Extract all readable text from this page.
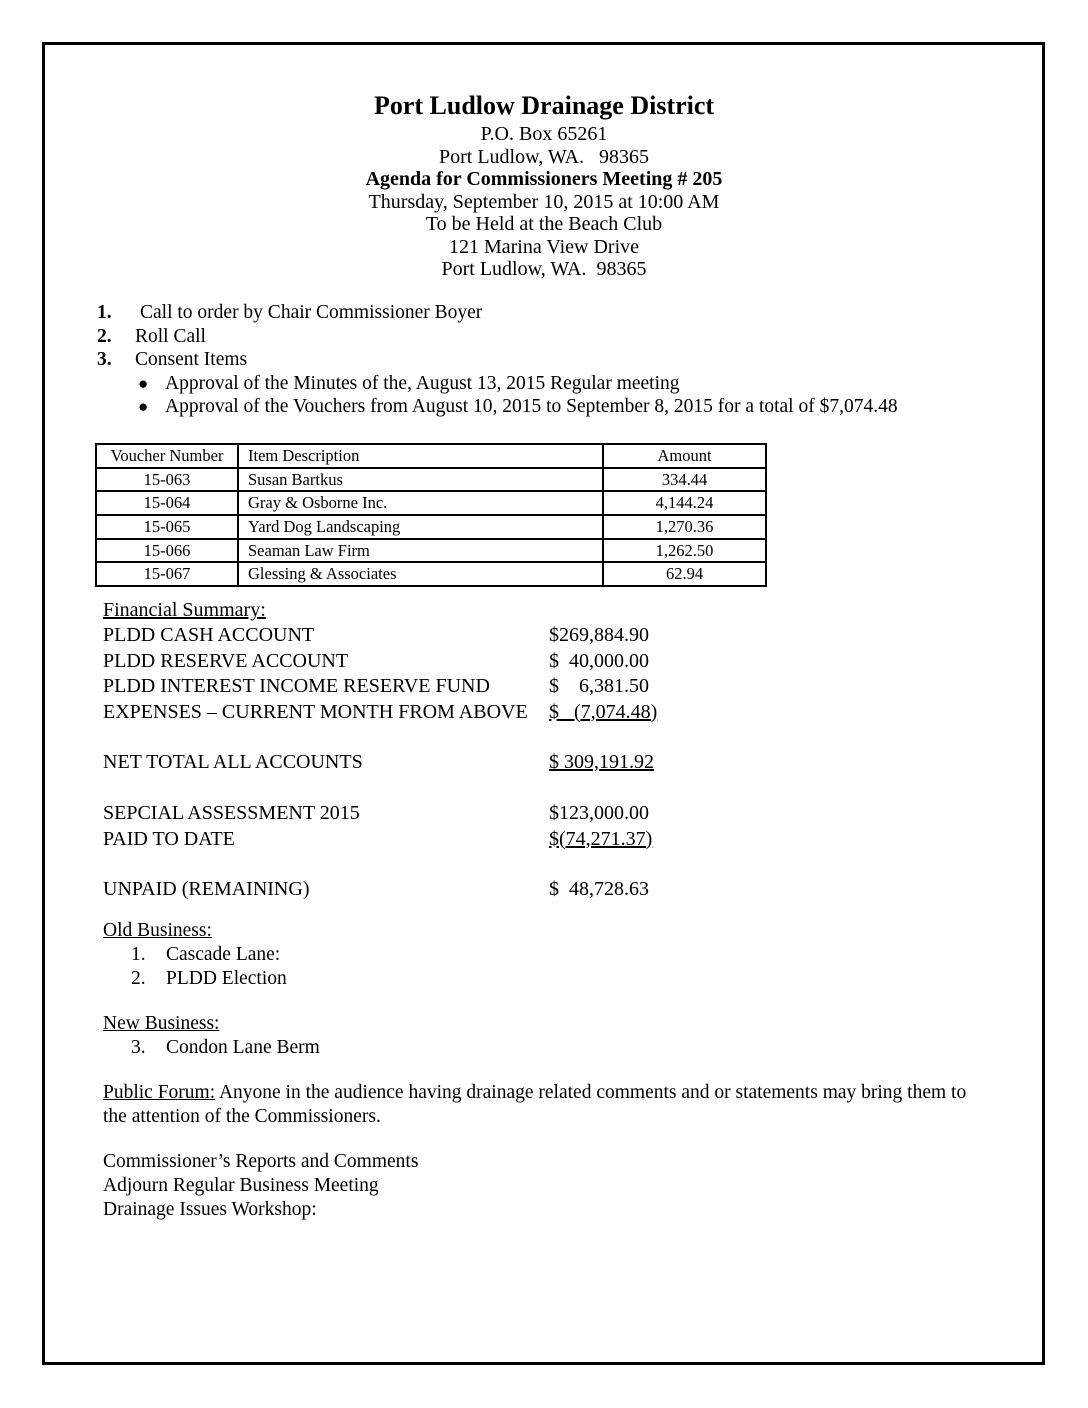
Port Ludlow Drainage District
P.O. Box 65261
Port Ludlow, WA.   98365
Agenda for Commissioners Meeting # 205
Thursday, September 10, 2015 at 10:00 AM
To be Held at the Beach Club
121 Marina View Drive
Port Ludlow, WA.  98365
1.	Call to order by Chair Commissioner Boyer
2.	Roll Call
3.	Consent Items
● Approval of the Minutes of the, August 13, 2015 Regular meeting
● Approval of the Vouchers from August 10, 2015 to September 8, 2015 for a total of $7,074.48
Voucher Number	Item Description	Amount
15-063	Susan Bartkus	334.44
15-064	Gray & Osborne Inc.	4,144.24
15-065	Yard Dog Landscaping	1,270.36
15-066	Seaman Law Firm	1,262.50
15-067	Glessing & Associates	62.94
Financial Summary:
PLDD CASH ACCOUNT	$269,884.90
PLDD RESERVE ACCOUNT	$  40,000.00
PLDD INTEREST INCOME RESERVE FUND	$    6,381.50
EXPENSES – CURRENT MONTH FROM ABOVE $   (7,074.48)
NET TOTAL ALL ACCOUNTS	$ 309,191.92
SEPCIAL ASSESSMENT 2015	$123,000.00
PAID TO DATE	$(74,271.37)
UNPAID (REMAINING)	$  48,728.63
Old Business:
1.	Cascade Lane:
2.	PLDD Election
New Business:
3.	Condon Lane Berm
Public Forum: Anyone in the audience having drainage related comments and or statements may bring them to the attention of the Commissioners.
Commissioner’s Reports and Comments
Adjourn Regular Business Meeting
Drainage Issues Workshop:
